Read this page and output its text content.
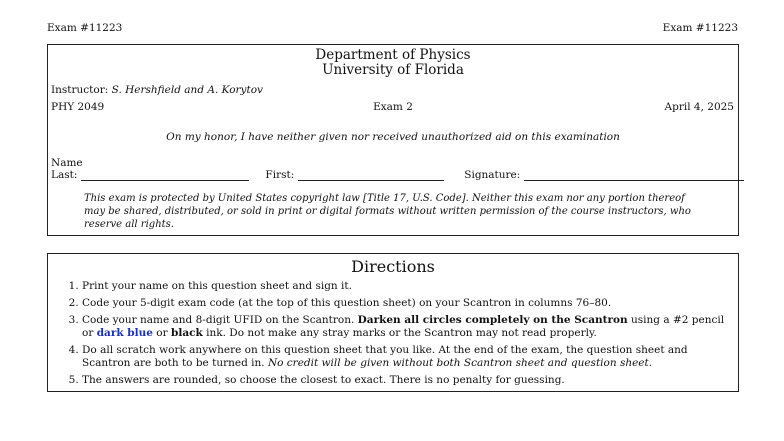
Exam #11223	Exam #11223
Department of Physics
University of Florida
Instructor: S. Hershfield and A. Korytov
PHY 2049	Exam 2	April 4, 2025
On my honor, I have neither given nor received unauthorized aid on this examination
Name
Last:	First:	Signature:
This exam is protected by United States copyright law [Title 17, U.S. Code]. Neither this exam nor any portion thereof may be shared, distributed, or sold in print or digital formats without written permission of the course instructors, who reserve all rights.
Directions
1. Print your name on this question sheet and sign it.
2. Code your 5-digit exam code (at the top of this question sheet) on your Scantron in columns 76–80.
3. Code your name and 8-digit UFID on the Scantron. Darken all circles completely on the Scantron using a #2 pencil or dark blue or black ink. Do not make any stray marks or the Scantron may not read properly.
4. Do all scratch work anywhere on this question sheet that you like. At the end of the exam, the question sheet and Scantron are both to be turned in. No credit will be given without both Scantron sheet and question sheet.
5. The answers are rounded, so choose the closest to exact. There is no penalty for guessing.
